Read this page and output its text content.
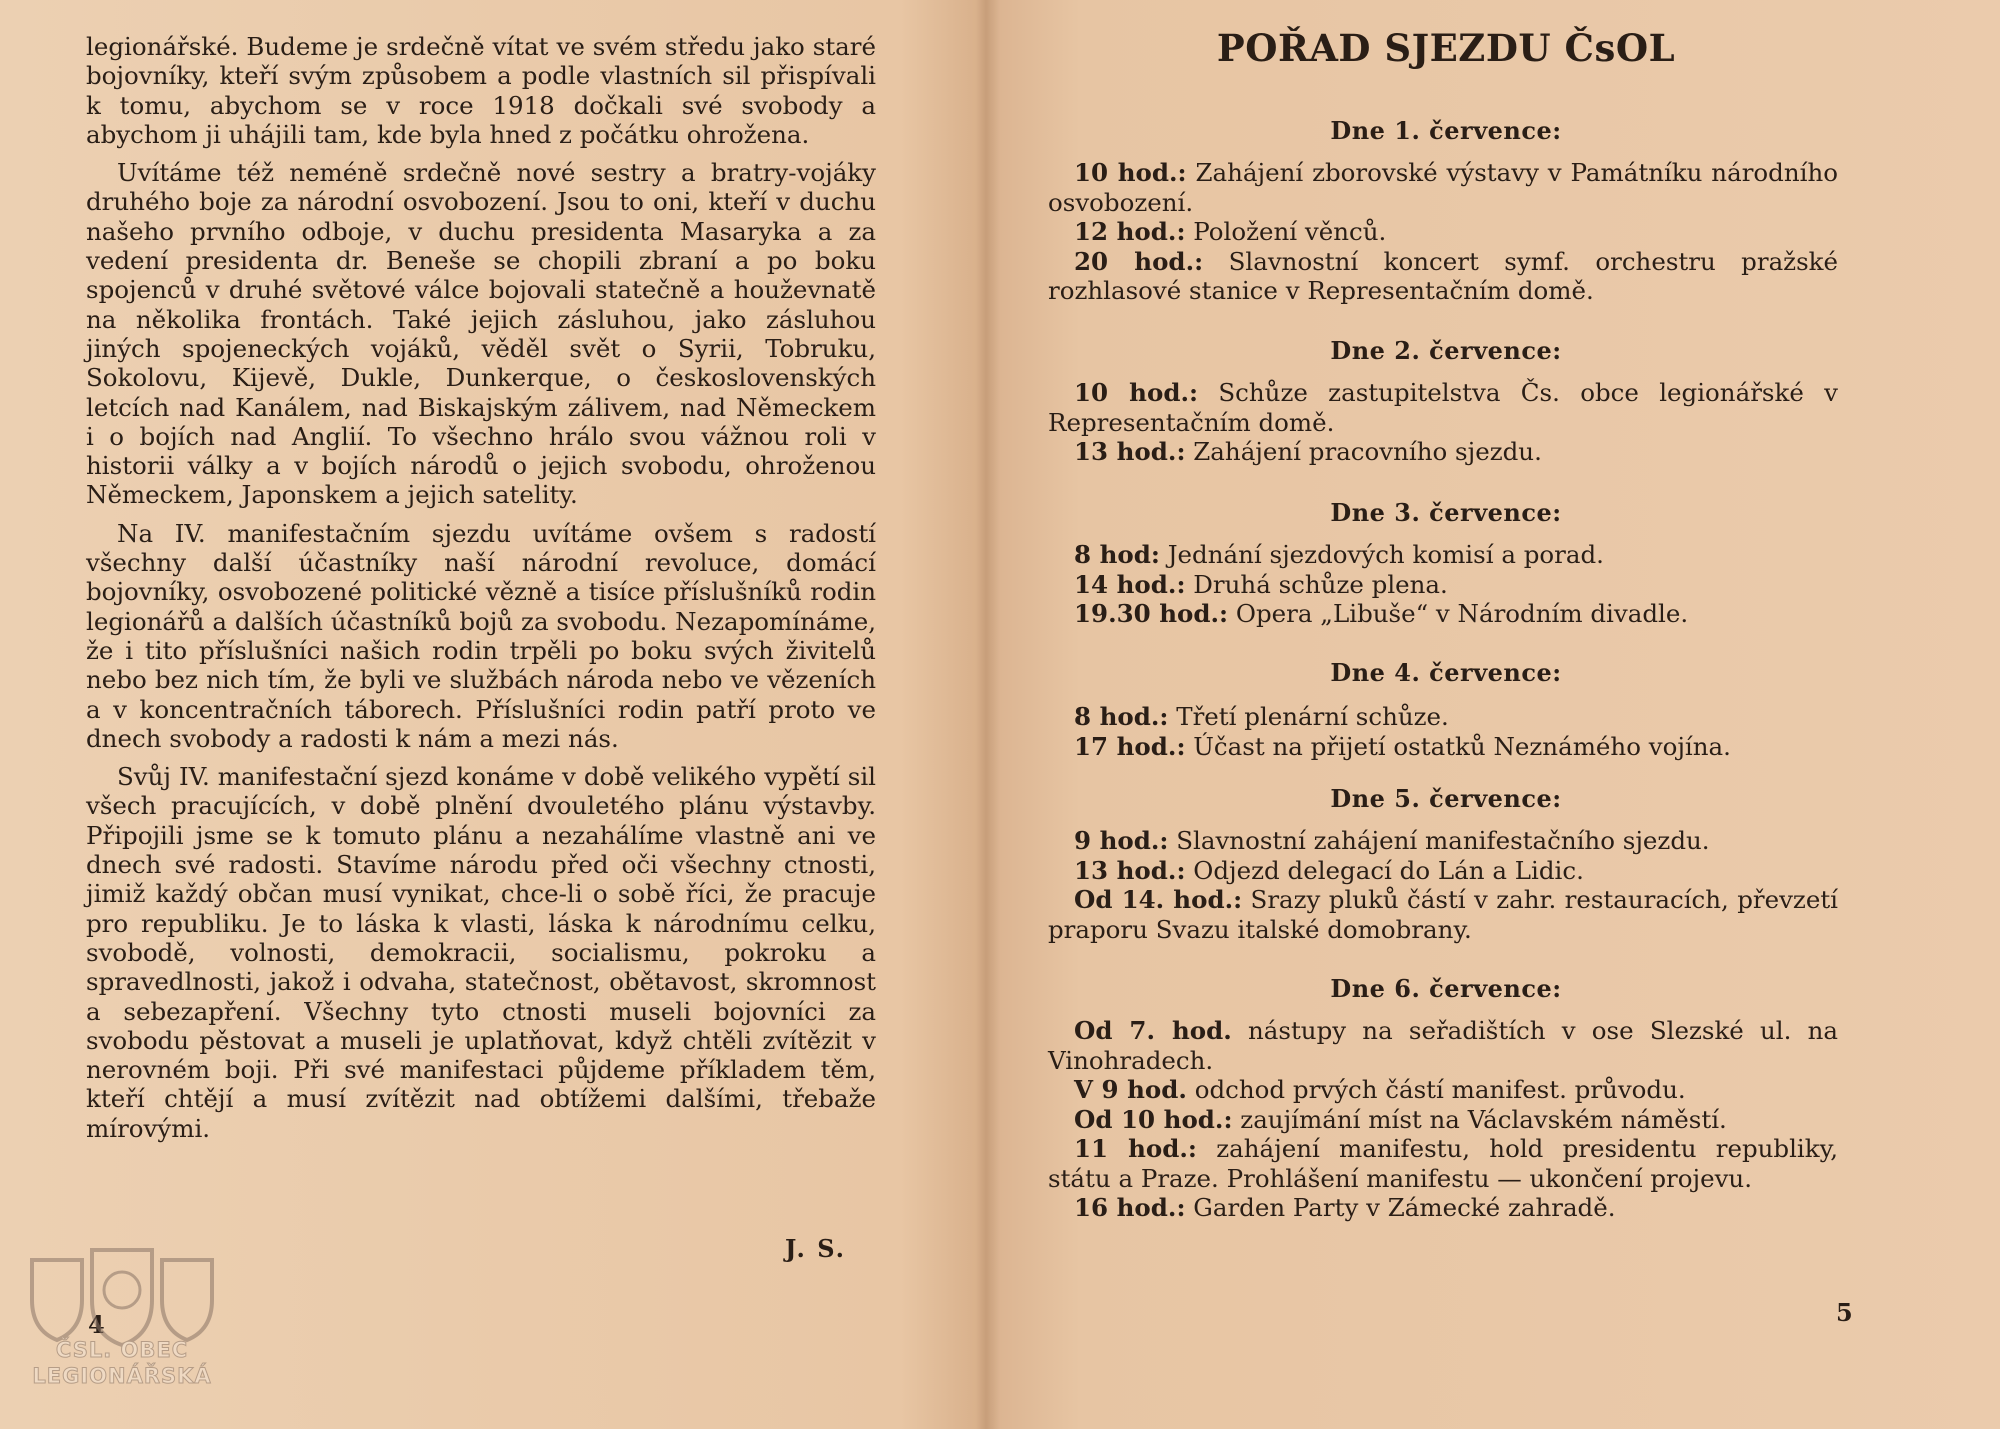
legionářské. Budeme je srdečně vítat ve svém středu jako staré bojovníky, kteří svým způsobem a podle vlastních sil přispívali k tomu, abychom se v roce 1918 dočkali své svobody a abychom ji uhájili tam, kde byla hned z počátku ohrožena.

Uvítáme též neméně srdečně nové sestry a bratry-vojáky druhého boje za národní osvobození. Jsou to oni, kteří v duchu našeho prvního odboje, v duchu presidenta Masaryka a za vedení presidenta dr. Beneše se chopili zbraní a po boku spojenců v druhé světové válce bojovali statečně a houževnatě na několika frontách. Také jejich zásluhou, jako zásluhou jiných spojeneckých vojáků, věděl svět o Syrii, Tobruku, Sokolovu, Kijevě, Dukle, Dunkerque, o československých letcích nad Kanálem, nad Biskajským zálivem, nad Německem i o bojích nad Anglií. To všechno hrálo svou vážnou roli v historii války a v bojích národů o jejich svobodu, ohroženou Německem, Japonskem a jejich satelity.

Na IV. manifestačním sjezdu uvítáme ovšem s radostí všechny další účastníky naší národní revoluce, domácí bojovníky, osvobozené politické vězně a tisíce příslušníků rodin legionářů a dalších účastníků bojů za svobodu. Nezapomínáme, že i tito příslušníci našich rodin trpěli po boku svých živitelů nebo bez nich tím, že byli ve službách národa nebo ve vězeních a v koncentračních táborech. Příslušníci rodin patří proto ve dnech svobody a radosti k nám a mezi nás.

Svůj IV. manifestační sjezd konáme v době velikého vypětí sil všech pracujících, v době plnění dvouletého plánu výstavby. Připojili jsme se k tomuto plánu a nezahálíme vlastně ani ve dnech své radosti. Stavíme národu před oči všechny ctnosti, jimiž každý občan musí vynikat, chce-li o sobě říci, že pracuje pro republiku. Je to láska k vlasti, láska k národnímu celku, svobodě, volnosti, demokracii, socialismu, pokroku a spravedlnosti, jakož i odvaha, statečnost, obětavost, skromnost a sebezapření. Všechny tyto ctnosti museli bojovníci za svobodu pěstovat a museli je uplatňovat, když chtěli zvítězit v nerovném boji. Při své manifestaci půjdeme příkladem těm, kteří chtějí a musí zvítězit nad obtížemi dalšími, třebaže mírovými.

J. S.
4
ČSL. OBEC
LEGIONÁŘSKÁ
POŘAD SJEZDU ČsOL
Dne 1. července:

10 hod.: Zahájení zborovské výstavy v Památníku národního osvobození.

12 hod.: Položení věnců.

20 hod.: Slavnostní koncert symf. orchestru pražské rozhlasové stanice v Representačním domě.

Dne 2. července:

10 hod.: Schůze zastupitelstva Čs. obce legionářské v Representačním domě.

13 hod.: Zahájení pracovního sjezdu.

Dne 3. července:

8 hod: Jednání sjezdových komisí a porad.

14 hod.: Druhá schůze plena.

19.30 hod.: Opera „Libuše“ v Národním divadle.

Dne 4. července:

8 hod.: Třetí plenární schůze.

17 hod.: Účast na přijetí ostatků Neznámého vojína.

Dne 5. července:

9 hod.: Slavnostní zahájení manifestačního sjezdu.

13 hod.: Odjezd delegací do Lán a Lidic.

Od 14. hod.: Srazy pluků částí v zahr. restauracích, převzetí praporu Svazu italské domobrany.

Dne 6. července:

Od 7. hod. nástupy na seřadištích v ose Slezské ul. na Vinohradech.

V 9 hod. odchod prvých částí manifest. průvodu.

Od 10 hod.: zaujímání míst na Václavském náměstí.

11 hod.: zahájení manifestu, hold presidentu republiky, státu a Praze. Prohlášení manifestu — ukončení projevu.

16 hod.: Garden Party v Zámecké zahradě.

5
